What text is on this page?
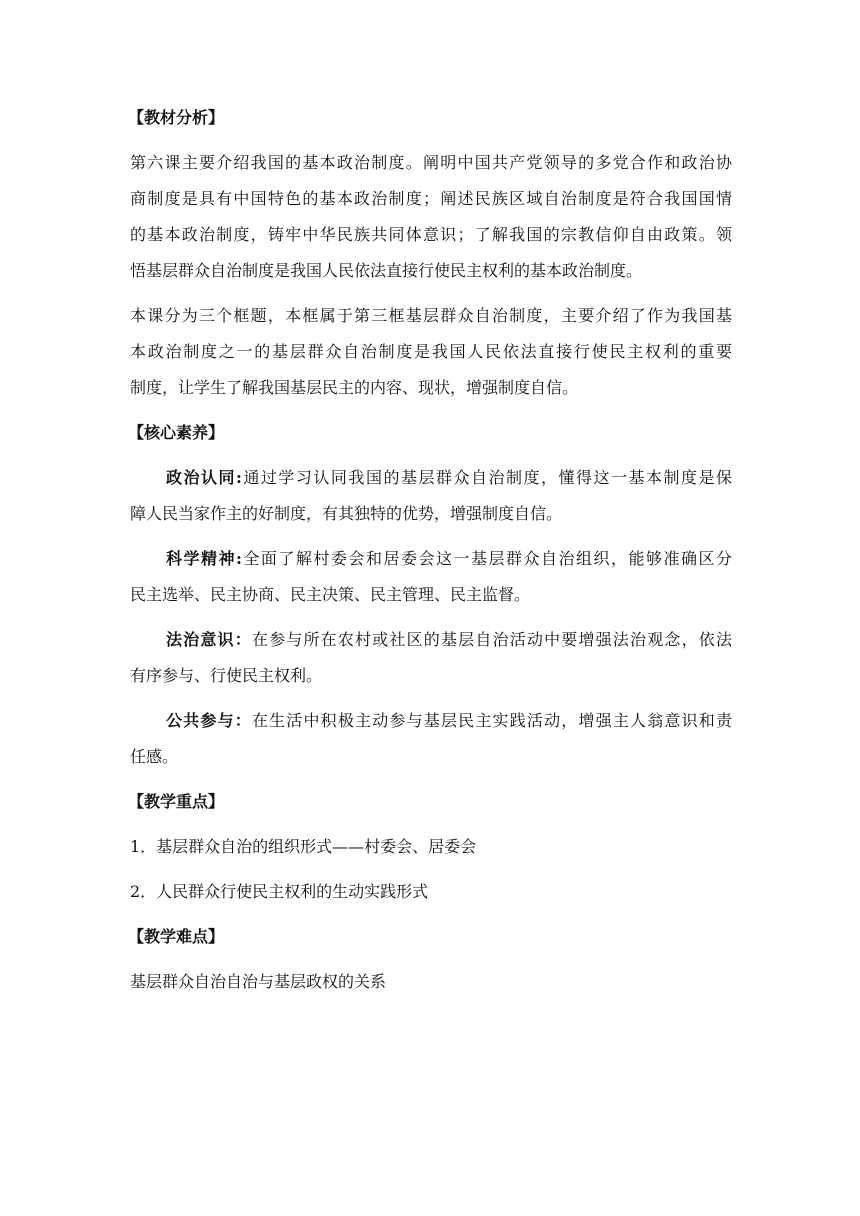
【教材分析】
第六课主要介绍我国的基本政治制度。阐明中国共产党领导的多党合作和政治协
商制度是具有中国特色的基本政治制度；阐述民族区域自治制度是符合我国国情
的基本政治制度，铸牢中华民族共同体意识；了解我国的宗教信仰自由政策。领
悟基层群众自治制度是我国人民依法直接行使民主权利的基本政治制度。
本课分为三个框题，本框属于第三框基层群众自治制度，主要介绍了作为我国基
本政治制度之一的基层群众自治制度是我国人民依法直接行使民主权利的重要
制度，让学生了解我国基层民主的内容、现状，增强制度自信。
【核心素养】
政治认同:通过学习认同我国的基层群众自治制度，懂得这一基本制度是保
障人民当家作主的好制度，有其独特的优势，增强制度自信。
科学精神:全面了解村委会和居委会这一基层群众自治组织，能够准确区分
民主选举、民主协商、民主决策、民主管理、民主监督。
法治意识：在参与所在农村或社区的基层自治活动中要增强法治观念，依法
有序参与、行使民主权利。
公共参与：在生活中积极主动参与基层民主实践活动，增强主人翁意识和责
任感。
【教学重点】
1．基层群众自治的组织形式——村委会、居委会
2．人民群众行使民主权利的生动实践形式
【教学难点】
基层群众自治自治与基层政权的关系
